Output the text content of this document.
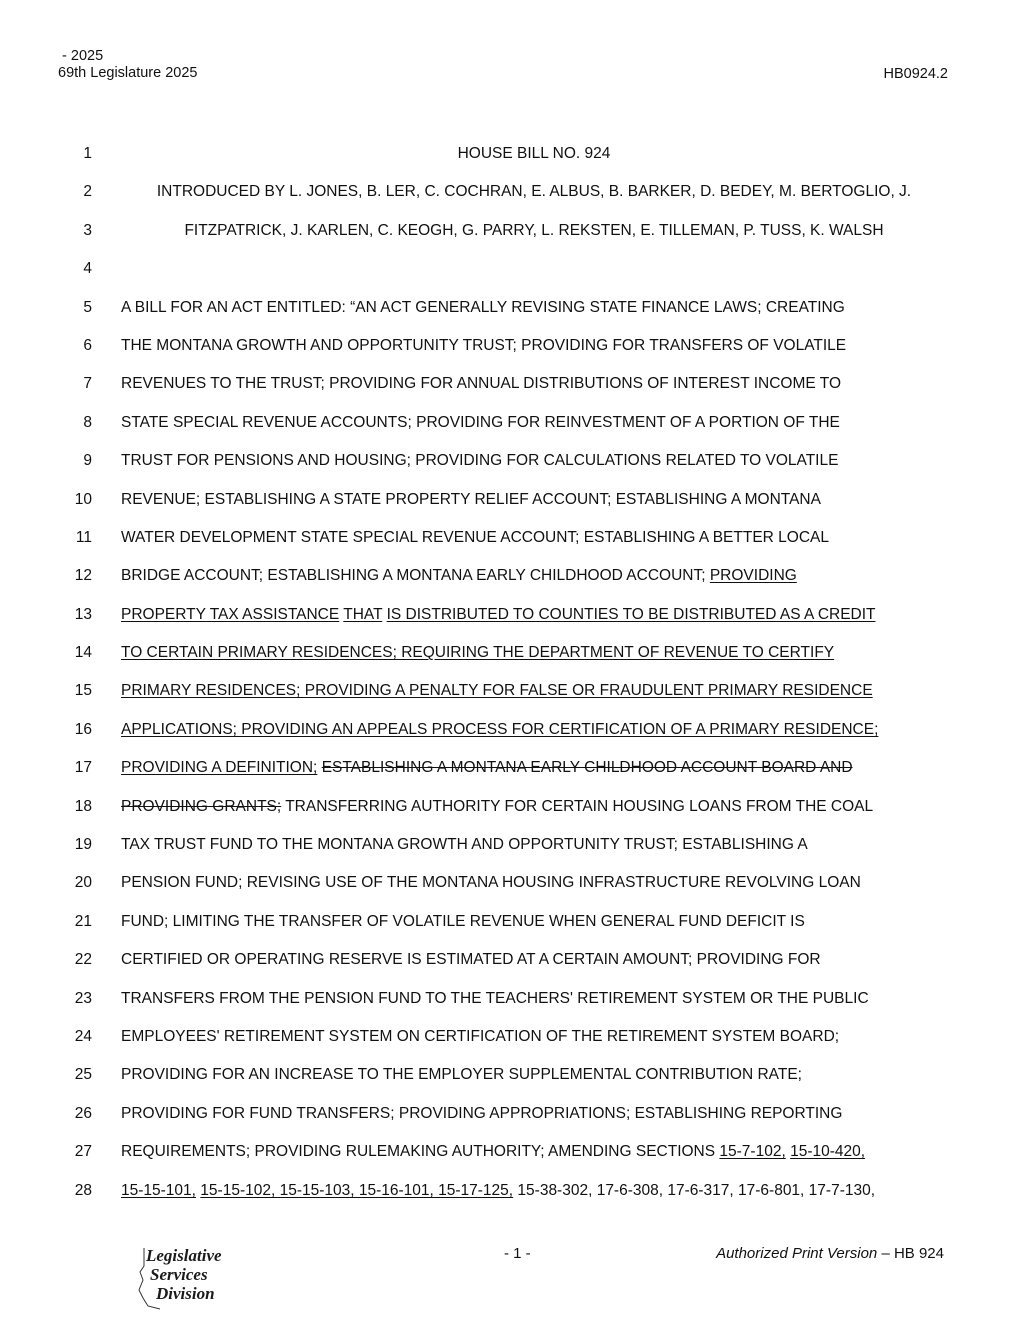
- 2025
69th Legislature 2025	HB0924.2
1	HOUSE BILL NO. 924
2	INTRODUCED BY L. JONES, B. LER, C. COCHRAN, E. ALBUS, B. BARKER, D. BEDEY, M. BERTOGLIO, J.
3	FITZPATRICK, J. KARLEN, C. KEOGH, G. PARRY, L. REKSTEN, E. TILLEMAN, P. TUSS, K. WALSH
4
5 A BILL FOR AN ACT ENTITLED: “AN ACT GENERALLY REVISING STATE FINANCE LAWS; CREATING
6 THE MONTANA GROWTH AND OPPORTUNITY TRUST; PROVIDING FOR TRANSFERS OF VOLATILE
7 REVENUES TO THE TRUST; PROVIDING FOR ANNUAL DISTRIBUTIONS OF INTEREST INCOME TO
8 STATE SPECIAL REVENUE ACCOUNTS; PROVIDING FOR REINVESTMENT OF A PORTION OF THE
9 TRUST FOR PENSIONS AND HOUSING; PROVIDING FOR CALCULATIONS RELATED TO VOLATILE
10 REVENUE; ESTABLISHING A STATE PROPERTY RELIEF ACCOUNT; ESTABLISHING A MONTANA
11 WATER DEVELOPMENT STATE SPECIAL REVENUE ACCOUNT; ESTABLISHING A BETTER LOCAL
12 BRIDGE ACCOUNT; ESTABLISHING A MONTANA EARLY CHILDHOOD ACCOUNT; PROVIDING
13 PROPERTY TAX ASSISTANCE THAT IS DISTRIBUTED TO COUNTIES TO BE DISTRIBUTED AS A CREDIT
14 TO CERTAIN PRIMARY RESIDENCES; REQUIRING THE DEPARTMENT OF REVENUE TO CERTIFY
15 PRIMARY RESIDENCES; PROVIDING A PENALTY FOR FALSE OR FRAUDULENT PRIMARY RESIDENCE
16 APPLICATIONS; PROVIDING AN APPEALS PROCESS FOR CERTIFICATION OF A PRIMARY RESIDENCE;
17 PROVIDING A DEFINITION; ESTABLISHING A MONTANA EARLY CHILDHOOD ACCOUNT BOARD AND
18 PROVIDING GRANTS; TRANSFERRING AUTHORITY FOR CERTAIN HOUSING LOANS FROM THE COAL
19 TAX TRUST FUND TO THE MONTANA GROWTH AND OPPORTUNITY TRUST; ESTABLISHING A
20 PENSION FUND; REVISING USE OF THE MONTANA HOUSING INFRASTRUCTURE REVOLVING LOAN
21 FUND; LIMITING THE TRANSFER OF VOLATILE REVENUE WHEN GENERAL FUND DEFICIT IS
22 CERTIFIED OR OPERATING RESERVE IS ESTIMATED AT A CERTAIN AMOUNT; PROVIDING FOR
23 TRANSFERS FROM THE PENSION FUND TO THE TEACHERS' RETIREMENT SYSTEM OR THE PUBLIC
24 EMPLOYEES' RETIREMENT SYSTEM ON CERTIFICATION OF THE RETIREMENT SYSTEM BOARD;
25 PROVIDING FOR AN INCREASE TO THE EMPLOYER SUPPLEMENTAL CONTRIBUTION RATE;
26 PROVIDING FOR FUND TRANSFERS; PROVIDING APPROPRIATIONS; ESTABLISHING REPORTING
27 REQUIREMENTS; PROVIDING RULEMAKING AUTHORITY; AMENDING SECTIONS 15-7-102, 15-10-420,
28 15-15-101, 15-15-102, 15-15-103, 15-16-101, 15-17-125, 15-38-302, 17-6-308, 17-6-317, 17-6-801, 17-7-130,
Legislative
Services
Division
- 1 -	Authorized Print Version – HB 924
